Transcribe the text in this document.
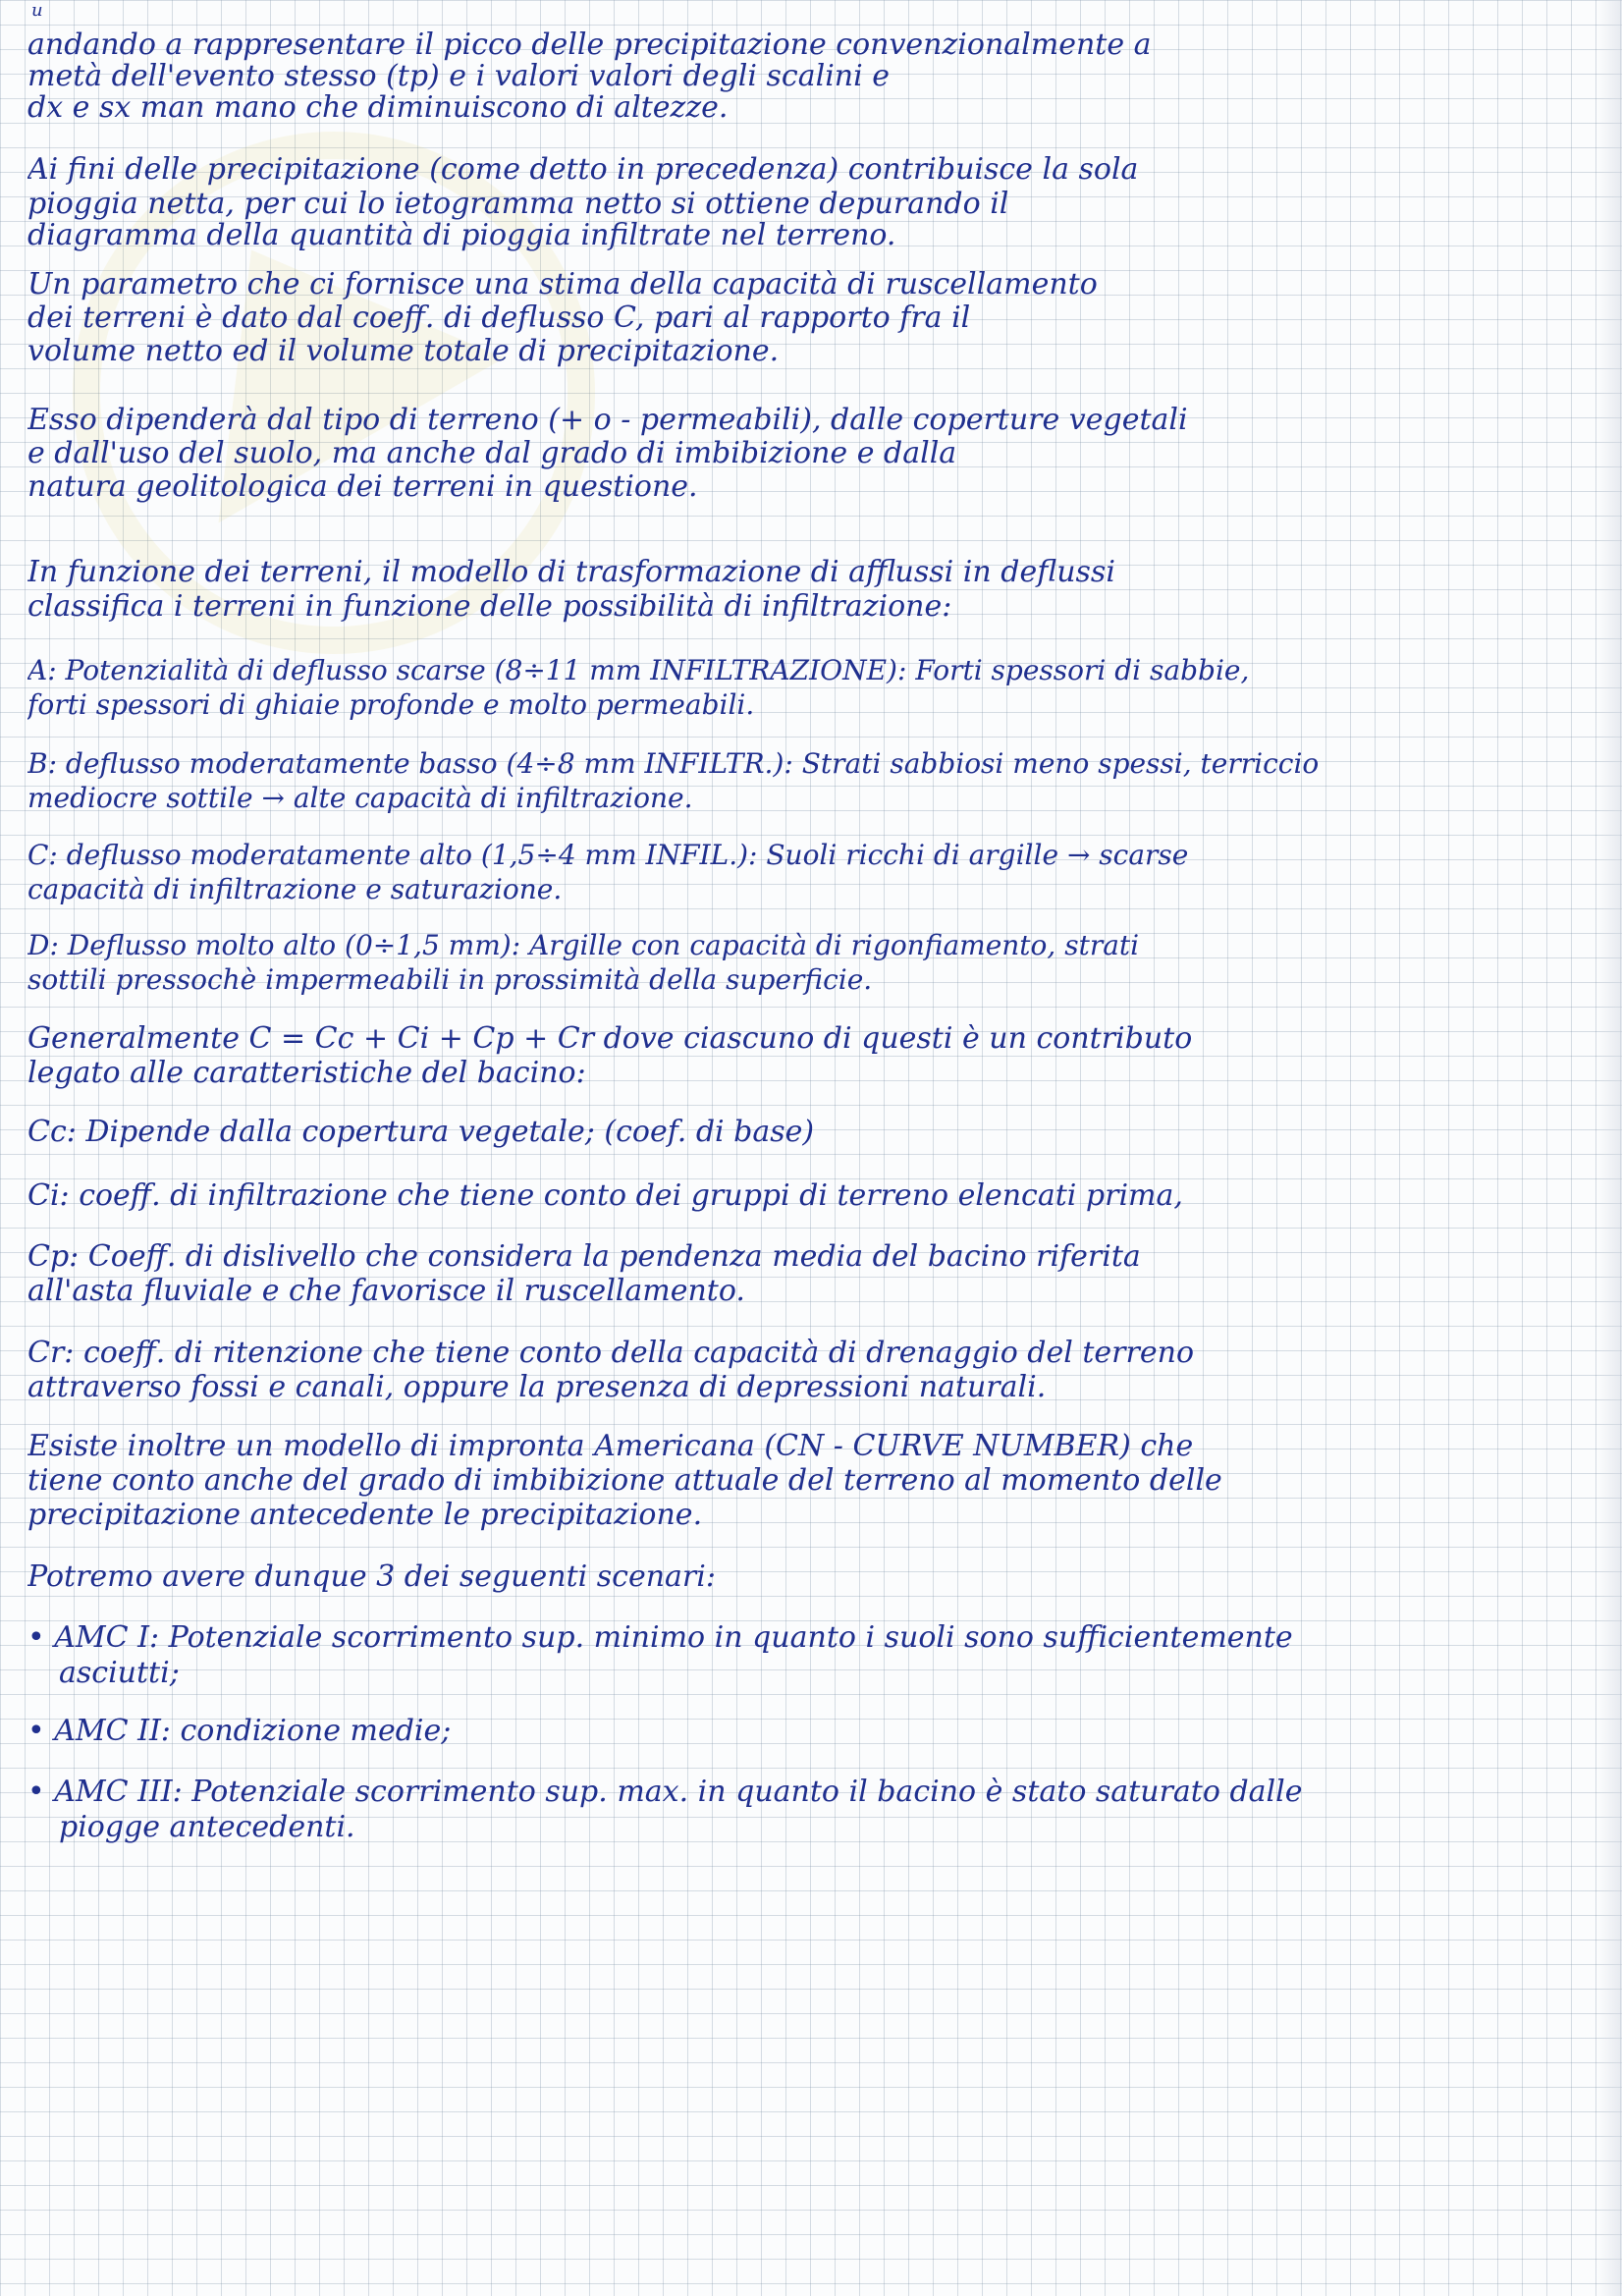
u
andando a rappresentare il picco delle precipitazione convenzionalmente a
metà dell'evento stesso (tp) e i valori valori degli scalini e
dx e sx man mano che diminuiscono di altezze.
Ai fini delle precipitazione (come detto in precedenza) contribuisce la sola
pioggia netta, per cui lo ietogramma netto si ottiene depurando il
diagramma della quantità di pioggia infiltrate nel terreno.
Un parametro che ci fornisce una stima della capacità di ruscellamento
dei terreni è dato dal coeff. di deflusso C, pari al rapporto fra il
volume netto ed il volume totale di precipitazione.
Esso dipenderà dal tipo di terreno (+ o - permeabili), dalle coperture vegetali
e dall'uso del suolo, ma anche dal grado di imbibizione e dalla
natura geolitologica dei terreni in questione.
In funzione dei terreni, il modello di trasformazione di afflussi in deflussi
classifica i terreni in funzione delle possibilità di infiltrazione:
A: Potenzialità di deflusso scarse (8÷11 mm INFILTRAZIONE): Forti spessori di sabbie,
forti spessori di ghiaie profonde e molto permeabili.
B: deflusso moderatamente basso (4÷8 mm INFILTR.): Strati sabbiosi meno spessi, terriccio
mediocre sottile → alte capacità di infiltrazione.
C: deflusso moderatamente alto (1,5÷4 mm INFIL.): Suoli ricchi di argille → scarse
capacità di infiltrazione e saturazione.
D: Deflusso molto alto (0÷1,5 mm): Argille con capacità di rigonfiamento, strati
sottili pressochè impermeabili in prossimità della superficie.
Generalmente C = Cc + Ci + Cp + Cr dove ciascuno di questi è un contributo
legato alle caratteristiche del bacino:
Cc: Dipende dalla copertura vegetale; (coef. di base)
Ci: coeff. di infiltrazione che tiene conto dei gruppi di terreno elencati prima,
Cp: Coeff. di dislivello che considera la pendenza media del bacino riferita
all'asta fluviale e che favorisce il ruscellamento.
Cr: coeff. di ritenzione che tiene conto della capacità di drenaggio del terreno
attraverso fossi e canali, oppure la presenza di depressioni naturali.
Esiste inoltre un modello di impronta Americana (CN - CURVE NUMBER) che
tiene conto anche del grado di imbibizione attuale del terreno al momento delle
precipitazione antecedente le precipitazione.
Potremo avere dunque 3 dei seguenti scenari:
• AMC I: Potenziale scorrimento sup. minimo in quanto i suoli sono sufficientemente
asciutti;
• AMC II: condizione medie;
• AMC III: Potenziale scorrimento sup. max. in quanto il bacino è stato saturato dalle
piogge antecedenti.
